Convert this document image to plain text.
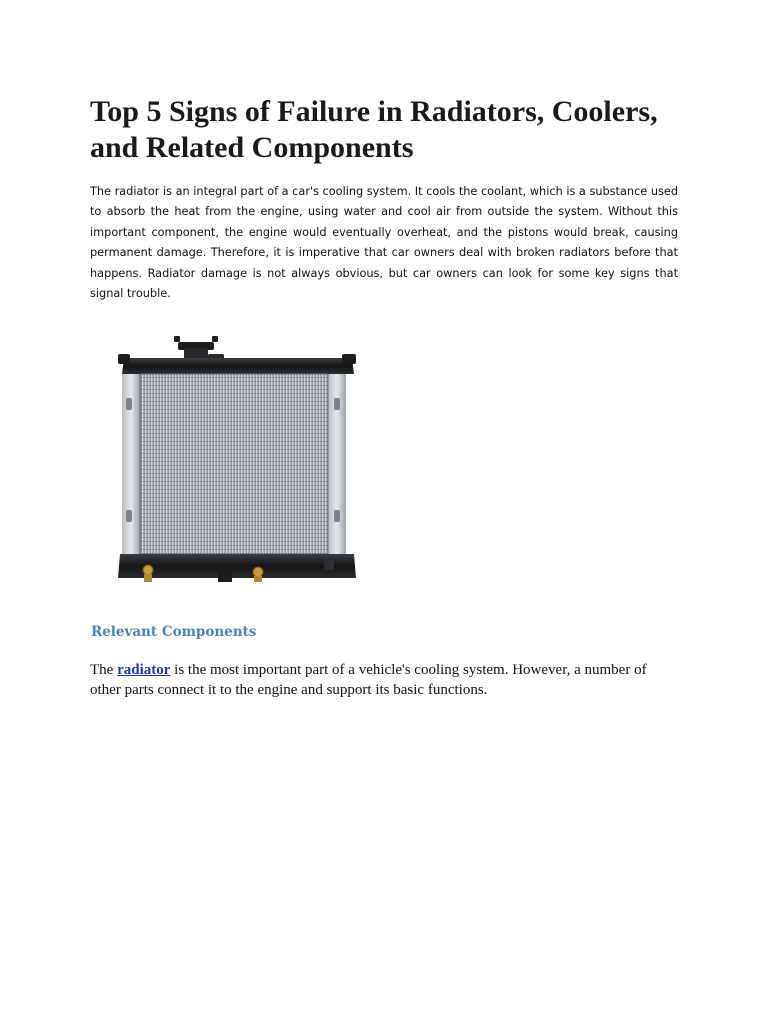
Top 5 Signs of Failure in Radiators, Coolers, and Related Components

The radiator is an integral part of a car's cooling system. It cools the coolant, which is a substance used to absorb the heat from the engine, using water and cool air from outside the system. Without this important component, the engine would eventually overheat, and the pistons would break, causing permanent damage. Therefore, it is imperative that car owners deal with broken radiators before that happens. Radiator damage is not always obvious, but car owners can look for some key signs that signal trouble.

Relevant Components

The radiator is the most important part of a vehicle's cooling system. However, a number of other parts connect it to the engine and support its basic functions.
